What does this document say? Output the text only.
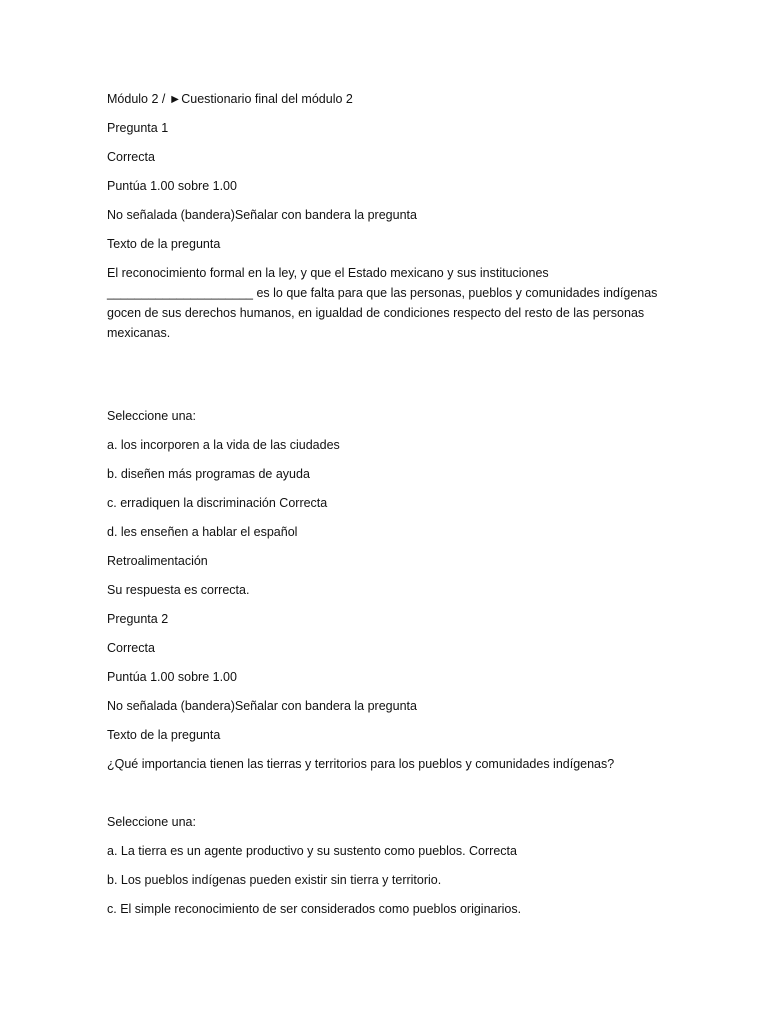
Módulo 2 / ►Cuestionario final del módulo 2

Pregunta 1

Correcta

Puntúa 1.00 sobre 1.00

No señalada (bandera)Señalar con bandera la pregunta

Texto de la pregunta

El reconocimiento formal en la ley, y que el Estado mexicano y sus instituciones _____________________ es lo que falta para que las personas, pueblos y comunidades indígenas gocen de sus derechos humanos, en igualdad de condiciones respecto del resto de las personas mexicanas.

Seleccione una:

a. los incorporen a la vida de las ciudades

b. diseñen más programas de ayuda

c. erradiquen la discriminación Correcta

d. les enseñen a hablar el español

Retroalimentación

Su respuesta es correcta.

Pregunta 2

Correcta

Puntúa 1.00 sobre 1.00

No señalada (bandera)Señalar con bandera la pregunta

Texto de la pregunta

¿Qué importancia tienen las tierras y territorios para los pueblos y comunidades indígenas?

Seleccione una:

a. La tierra es un agente productivo y su sustento como pueblos. Correcta

b. Los pueblos indígenas pueden existir sin tierra y territorio.

c. El simple reconocimiento de ser considerados como pueblos originarios.
